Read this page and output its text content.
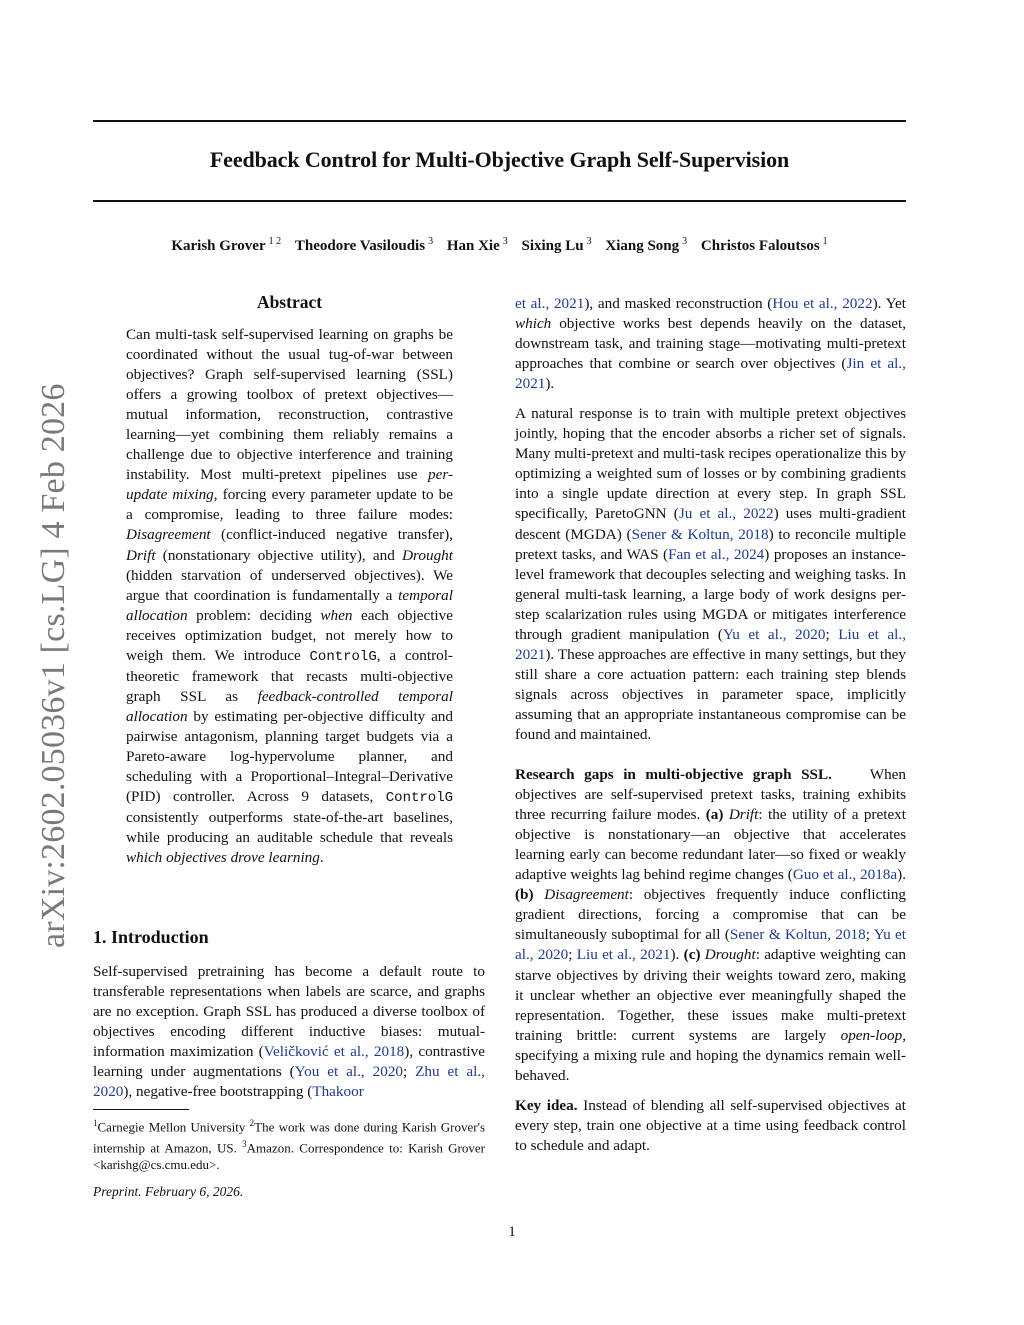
Feedback Control for Multi-Objective Graph Self-Supervision
Karish Grover $^{1 2}$ Theodore Vasiloudis $^3$ Han Xie $^3$ Sixing Lu $^3$ Xiang Song $^3$ Christos Faloutsos $^1$
arXiv:2602.05036v1 [cs.LG] 4 Feb 2026
Abstract

Can multi-task self-supervised learning on graphs be coordinated without the usual tug-of-war between objectives? Graph self-supervised learning (SSL) offers a growing toolbox of pretext objectives—mutual information, reconstruction, contrastive learning—yet combining them reliably remains a challenge due to objective interference and training instability. Most multi-pretext pipelines use per-update mixing, forcing every parameter update to be a compromise, leading to three failure modes: Disagreement (conflict-induced negative transfer), Drift (nonstationary objective utility), and Drought (hidden starvation of underserved objectives). We argue that coordination is fundamentally a temporal allocation problem: deciding when each objective receives optimization budget, not merely how to weigh them. We introduce ControlG, a control-theoretic framework that recasts multi-objective graph SSL as feedback-controlled temporal allocation by estimating per-objective difficulty and pairwise antagonism, planning target budgets via a Pareto-aware log-hypervolume planner, and scheduling with a Proportional–Integral–Derivative (PID) controller. Across 9 datasets, ControlG consistently outperforms state-of-the-art baselines, while producing an auditable schedule that reveals which objectives drove learning.

1. Introduction

Self-supervised pretraining has become a default route to transferable representations when labels are scarce, and graphs are no exception. Graph SSL has produced a diverse toolbox of objectives encoding different inductive biases: mutual-information maximization (Veličković et al., 2018), contrastive learning under augmentations (You et al., 2020; Zhu et al., 2020), negative-free bootstrapping (Thakoor

$^1$Carnegie Mellon University $^2$The work was done during Karish Grover's internship at Amazon, US. $^3$Amazon. Correspondence to: Karish Grover <karishg@cs.cmu.edu>.
Preprint. February 6, 2026.

et al., 2021), and masked reconstruction (Hou et al., 2022). Yet which objective works best depends heavily on the dataset, downstream task, and training stage—motivating multi-pretext approaches that combine or search over objectives (Jin et al., 2021).

A natural response is to train with multiple pretext objectives jointly, hoping that the encoder absorbs a richer set of signals. Many multi-pretext and multi-task recipes operationalize this by optimizing a weighted sum of losses or by combining gradients into a single update direction at every step. In graph SSL specifically, ParetoGNN (Ju et al., 2022) uses multi-gradient descent (MGDA) (Sener & Koltun, 2018) to reconcile multiple pretext tasks, and WAS (Fan et al., 2024) proposes an instance-level framework that decouples selecting and weighing tasks. In general multi-task learning, a large body of work designs per-step scalarization rules using MGDA or mitigates interference through gradient manipulation (Yu et al., 2020; Liu et al., 2021). These approaches are effective in many settings, but they still share a core actuation pattern: each training step blends signals across objectives in parameter space, implicitly assuming that an appropriate instantaneous compromise can be found and maintained.

Research gaps in multi-objective graph SSL. When objectives are self-supervised pretext tasks, training exhibits three recurring failure modes. (a) Drift: the utility of a pretext objective is nonstationary—an objective that accelerates learning early can become redundant later—so fixed or weakly adaptive weights lag behind regime changes (Guo et al., 2018a). (b) Disagreement: objectives frequently induce conflicting gradient directions, forcing a compromise that can be simultaneously suboptimal for all (Sener & Koltun, 2018; Yu et al., 2020; Liu et al., 2021). (c) Drought: adaptive weighting can starve objectives by driving their weights toward zero, making it unclear whether an objective ever meaningfully shaped the representation. Together, these issues make multi-pretext training brittle: current systems are largely open-loop, specifying a mixing rule and hoping the dynamics remain well-behaved.

Key idea. Instead of blending all self-supervised objectives at every step, train one objective at a time using feedback control to schedule and adapt.

1
